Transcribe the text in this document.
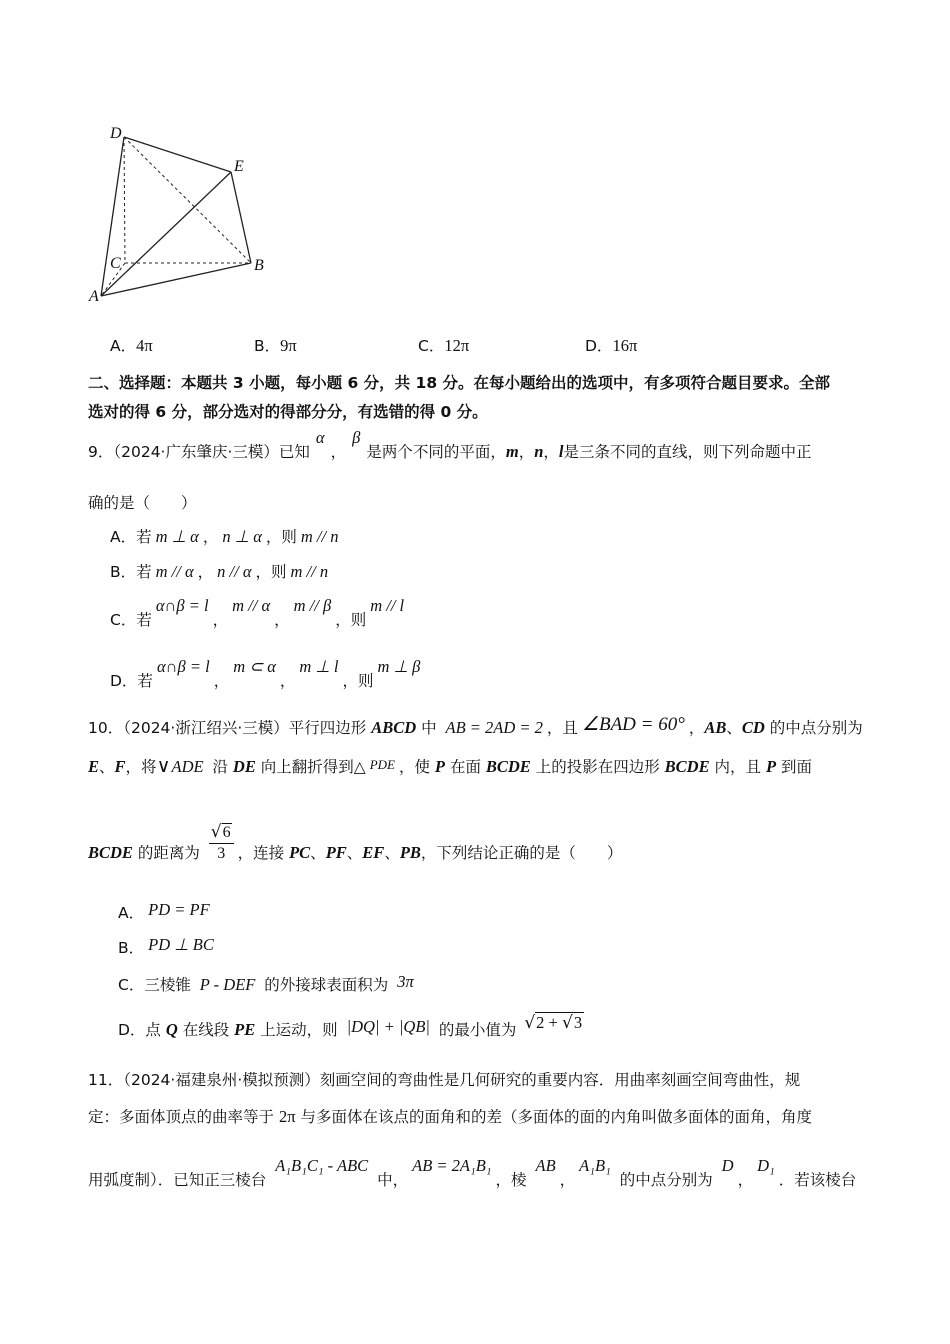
D
E
C	B
A
A．4π	B．9π	C．12π	D．16π
二、选择题：本题共 3 小题，每小题 6 分，共 18 分。在每小题给出的选项中，有多项符合题目要求。全部
选对的得 6 分，部分选对的得部分分，有选错的得 0 分。
9．（2024·广东肇庆·三模）已知α，β是两个不同的平面，m，n，l是三条不同的直线，则下列命题中正
确的是（　　）
A．若 m ⊥ α ， n ⊥ α ，则 m // n
B．若 m // α ， n // α ，则 m // n
C．若α∩β = l，m // α，m // β，则m // l
D．若α∩β = l，m ⊂ α，m ⊥ l，则m ⊥ β
10．（2024·浙江绍兴·三模）平行四边形 ABCD 中 AB = 2AD = 2 ，且 ∠BAD = 60° ，AB、CD 的中点分别为
E、F，将∨ADE 沿 DE 向上翻折得到△ PDE ，使 P 在面 BCDE 上的投影在四边形 BCDE 内，且 P 到面
BCDE 的距离为 $\frac{√6}{3}$ ，连接 PC、PF、EF、PB，下列结论正确的是（　　）
A． PD = PF
B． PD ⊥ BC
C．三棱锥 P - DEF 的外接球表面积为 3π
D．点 Q 在线段 PE 上运动，则 |DQ| + |QB| 的最小值为 √2 + √3
11．（2024·福建泉州·模拟预测）刻画空间的弯曲性是几何研究的重要内容．用曲率刻画空间弯曲性，规
定：多面体顶点的曲率等于 2π 与多面体在该点的面角和的差（多面体的面的内角叫做多面体的面角，角度
用弧度制）．已知正三棱台 A₁B₁C₁ - ABC 中，AB = 2A₁B₁，棱 AB，A₁B₁ 的中点分别为 D，D₁．若该棱台
